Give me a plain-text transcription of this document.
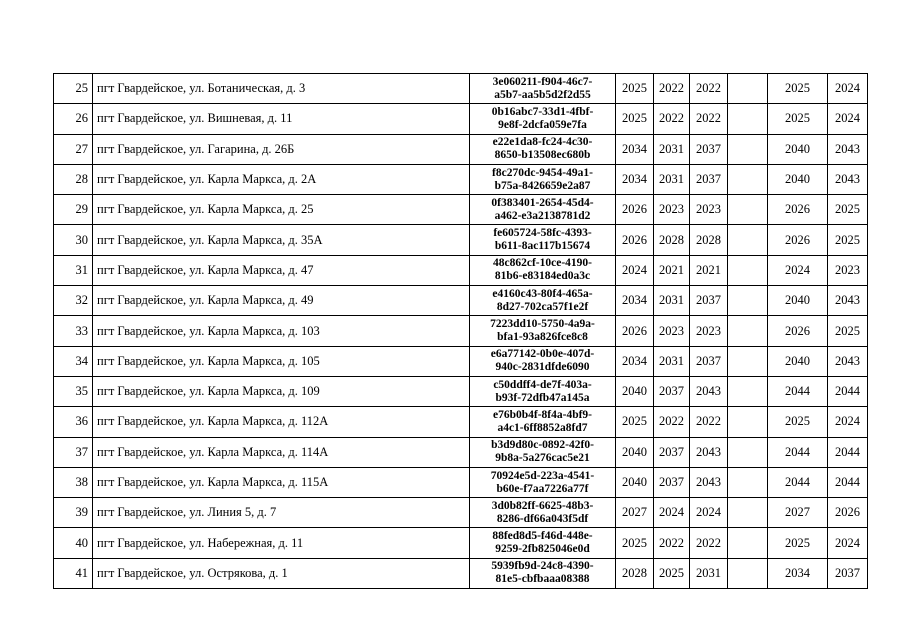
25	пгт Гвардейское, ул. Ботаническая, д. 3	3e060211-f904-46c7-
a5b7-aa5b5d2f2d55	2025	2022	2022		2025	2024
26	пгт Гвардейское, ул. Вишневая, д. 11	0b16abc7-33d1-4fbf-
9e8f-2dcfa059e7fa	2025	2022	2022		2025	2024
27	пгт Гвардейское, ул. Гагарина, д. 26Б	e22e1da8-fc24-4c30-
8650-b13508ec680b	2034	2031	2037		2040	2043
28	пгт Гвардейское, ул. Карла Маркса, д. 2А	f8c270dc-9454-49a1-
b75a-8426659e2a87	2034	2031	2037		2040	2043
29	пгт Гвардейское, ул. Карла Маркса, д. 25	0f383401-2654-45d4-
a462-e3a2138781d2	2026	2023	2023		2026	2025
30	пгт Гвардейское, ул. Карла Маркса, д. 35А	fe605724-58fc-4393-
b611-8ac117b15674	2026	2028	2028		2026	2025
31	пгт Гвардейское, ул. Карла Маркса, д. 47	48c862cf-10ce-4190-
81b6-e83184ed0a3c	2024	2021	2021		2024	2023
32	пгт Гвардейское, ул. Карла Маркса, д. 49	e4160c43-80f4-465a-
8d27-702ca57f1e2f	2034	2031	2037		2040	2043
33	пгт Гвардейское, ул. Карла Маркса, д. 103	7223dd10-5750-4a9a-
bfa1-93a826fce8c8	2026	2023	2023		2026	2025
34	пгт Гвардейское, ул. Карла Маркса, д. 105	e6a77142-0b0e-407d-
940c-2831dfde6090	2034	2031	2037		2040	2043
35	пгт Гвардейское, ул. Карла Маркса, д. 109	c50ddff4-de7f-403a-
b93f-72dfb47a145a	2040	2037	2043		2044	2044
36	пгт Гвардейское, ул. Карла Маркса, д. 112А	e76b0b4f-8f4a-4bf9-
a4c1-6ff8852a8fd7	2025	2022	2022		2025	2024
37	пгт Гвардейское, ул. Карла Маркса, д. 114А	b3d9d80c-0892-42f0-
9b8a-5a276cac5e21	2040	2037	2043		2044	2044
38	пгт Гвардейское, ул. Карла Маркса, д. 115А	70924e5d-223a-4541-
b60e-f7aa7226a77f	2040	2037	2043		2044	2044
39	пгт Гвардейское, ул. Линия 5, д. 7	3d0b82ff-6625-48b3-
8286-df66a043f5df	2027	2024	2024		2027	2026
40	пгт Гвардейское, ул. Набережная, д. 11	88fed8d5-f46d-448e-
9259-2fb825046e0d	2025	2022	2022		2025	2024
41	пгт Гвардейское, ул. Острякова, д. 1	5939fb9d-24c8-4390-
81e5-cbfbaaa08388	2028	2025	2031		2034	2037
